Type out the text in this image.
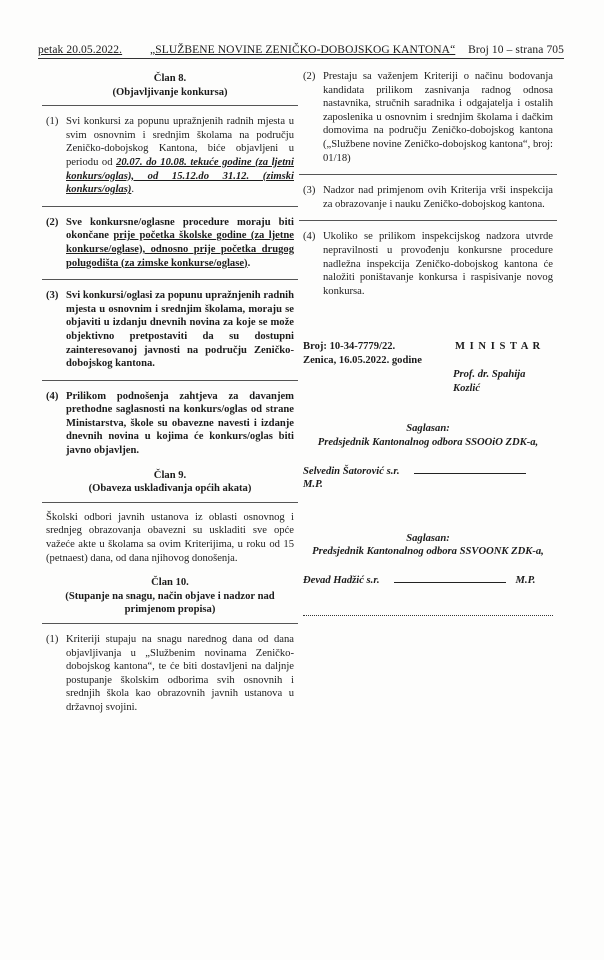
petak 20.05.2022. „SLUŽBENE NOVINE ZENIČKO-DOBOJSKOG KANTONA“ Broj 10 – strana 705

Član 8.

(Objavljivanje konkursa)

(1) Svi konkursi za popunu upražnjenih radnih mjesta u svim osnovnim i srednjim školama na području Zeničko-dobojskog Kantona, biće objavljeni u periodu od 20.07. do 10.08. tekuće godine (za ljetni konkurs/oglas), od 15.12.do 31.12. (zimski konkurs/oglas).
(2) Sve konkursne/oglasne procedure moraju biti okončane prije početka školske godine (za ljetne konkurse/oglase), odnosno prije početka drugog polugodišta (za zimske konkurse/oglase).
(3) Svi konkursi/oglasi za popunu upražnjenih radnih mjesta u osnovnim i srednjim školama, moraju se objaviti u izdanju dnevnih novina za koje se može objektivno pretpostaviti da su dostupni zainteresovanoj javnosti na području Zeničko-dobojskog kantona.
(4) Prilikom podnošenja zahtjeva za davanjem prethodne saglasnosti na konkurs/oglas od strane Ministarstva, škole su obavezne navesti i izdanje dnevnih novina u kojima će konkurs/oglas biti javno objavljen.

Član 9.

(Obaveza usklađivanja općih akata)

Školski odbori javnih ustanova iz oblasti osnovnog i srednjeg obrazovanja obavezni su uskladiti sve opće važeće akte u školama sa ovim Kriterijima, u roku od 15 (petnaest) dana, od dana njihovog donošenja.

Član 10.

(Stupanje na snagu, način objave i nadzor nad primjenom propisa)

(1) Kriteriji stupaju na snagu narednog dana od dana objavljivanja u „Službenim novinama Zeničko-dobojskog kantona“, te će biti dostavljeni na daljnje postupanje školskim odborima svih osnovnih i srednjih škola kao obrazovnih javnih ustanova u državnoj svojini.
(2) Prestaju sa važenjem Kriteriji o načinu bodovanja kandidata prilikom zasnivanja radnog odnosa nastavnika, stručnih saradnika i odgajatelja i ostalih zaposlenika u osnovnim i srednjim školama i dačkim domovima na području Zeničko-dobojskog kantona („Službene novine Zeničko-dobojskog kantona“, broj: 01/18)
(3) Nadzor nad primjenom ovih Kriterija vrši inspekcija za obrazovanje i nauku Zeničko-dobojskog kantona.
(4) Ukoliko se prilikom inspekcijskog nadzora utvrde nepravilnosti u provođenju konkursne procedure nadležna inspekcija Zeničko-dobojskog kantona će naložiti poništavanje konkursa i raspisivanje novog konkursa.
Broj: 10-34-7779/22.	M I N I S T A R
Zenica, 16.05.2022. godine
Prof. dr. Spahija Kozlić

Saglasan:

Predsjednik Kantonalnog odbora SSOOiO ZDK-a,

Selvedin Šatorović s.r.M.P.

Saglasan:

Predsjednik Kantonalnog odbora SSVOONK ZDK-a,

Đevad Hadžić s.r.	M.P.
